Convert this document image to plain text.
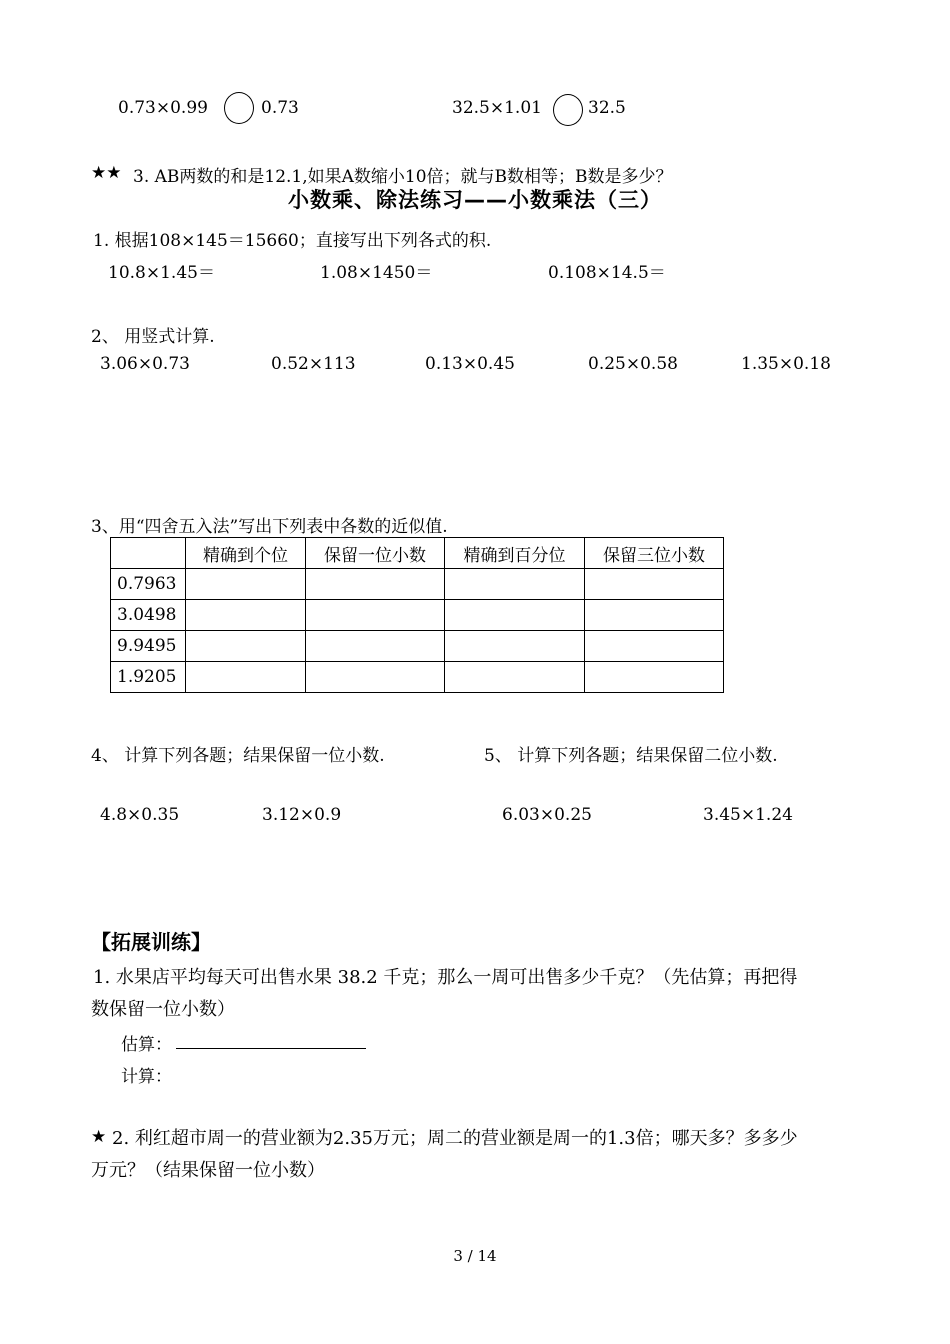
0.73×0.99	0.73	32.5×1.01	32.5
★★ 3. AB两数的和是12.1,如果A数缩小10倍；就与B数相等；B数是多少？
小数乘、除法练习——小数乘法（三）
1. 根据108×145＝15660；直接写出下列各式的积.
10.8×1.45＝	1.08×1450＝	0.108×14.5＝
2、 用竖式计算.
3.06×0.73	0.52×113	0.13×0.45	0.25×0.58	1.35×0.18
3、用“四舍五入法”写出下列表中各数的近似值.
	精确到个位	保留一位小数	精确到百分位	保留三位小数
0.7963				
3.0498				
9.9495				
1.9205				
4、 计算下列各题；结果保留一位小数.	5、 计算下列各题；结果保留二位小数.
4.8×0.35	3.12×0.9	6.03×0.25	3.45×1.24
【拓展训练】
1. 水果店平均每天可出售水果 38.2 千克；那么一周可出售多少千克？（先估算；再把得
数保留一位小数）
估算：
计算：
★ 2. 利红超市周一的营业额为2.35万元；周二的营业额是周一的1.3倍；哪天多？多多少
万元？（结果保留一位小数）
3 / 14
